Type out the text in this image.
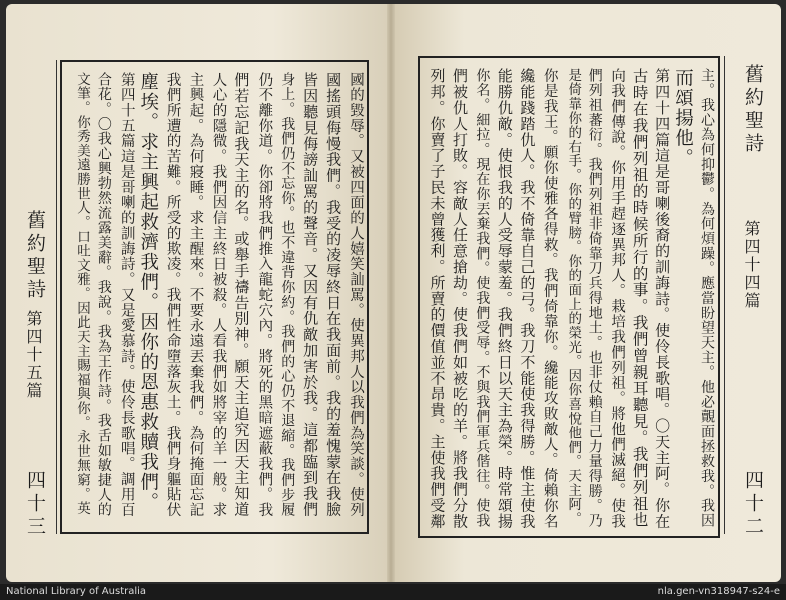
國的毀辱。又被四面的人嬉笑訕罵。使異邦人以我們為笑談。使列
國搖頭侮慢我們。我受的凌辱終日在我面前。我的羞愧蒙在我臉
皆因聽見侮謗訕罵的聲音。又因有仇敵加害於我。這都臨到我們
身上。我們仍不忘你。也不違背你約。我們的心仍不退縮。我們步履
仍不離你道。你卻將我們推入龍蛇穴內。將死的黑暗遮蔽我們。我
們若忘記我天主的名。或舉手禱告別神。願天主追究因天主知道
人心的隱微。我們因信主終日被殺。人看我們如將宰的羊一般。求
主興起。為何寢睡。求主醒來。不要永遠丟棄我們。為何掩面忘記
我們所遭的苦難。所受的欺凌。我們性命墮落灰土。我們身軀貼伏
塵埃。求主興起救濟我們。因你的恩惠救贖我們。
第四十五篇這是哥喇的訓誨詩。又是愛慕詩。使伶長歌唱。調用百
合花。〇我心興勃然流露美辭。我說。我為王作詩。我舌如敏捷人的
文筆。你秀美遠勝世人。口吐文雅。因此天主賜福與你。永世無窮。英
舊約聖詩
第四十五篇
四十三	主。我心為何抑鬱。為何煩躁。應當盼望天主。他必覿面拯救我。我因
而頌揚他。
第四十四篇這是哥喇後裔的訓誨詩。使伶長歌唱。〇天主阿。你在
古時在我們列祖的時候所行的事。我們曾親耳聽見。我們列祖也
向我們傳說。你用手趕逐異邦人。栽培我們列祖。將他們滅絕。使我
們列祖蕃衍。我們列祖非倚靠刀兵得地土。也非仗賴自己力量得勝。乃
是倚靠你的右手。你的臂膀。你的面上的榮光。因你喜悅他們。天主阿。
你是我王。願你使雅各得救。我們倚靠你。纔能攻敗敵人。倚賴你名
纔能踐踏仇人。我不倚靠自己的弓。我刀不能使我得勝。惟主使我
能勝仇敵。使恨我的人受辱蒙羞。我們終日以天主為榮。時常頌揚
你名。細拉。現在你丟棄我們。使我們受辱。不與我們軍兵偕往。使我
們被仇人打敗。容敵人任意搶劫。使我們如被吃的羊。將我們分散
列邦。你賣了子民未曾獲利。所賣的價值並不昂貴。主使我們受鄰	舊約聖詩
第四十四篇
四十二
National Library of Australia	nla.gen-vn318947-s24-e
